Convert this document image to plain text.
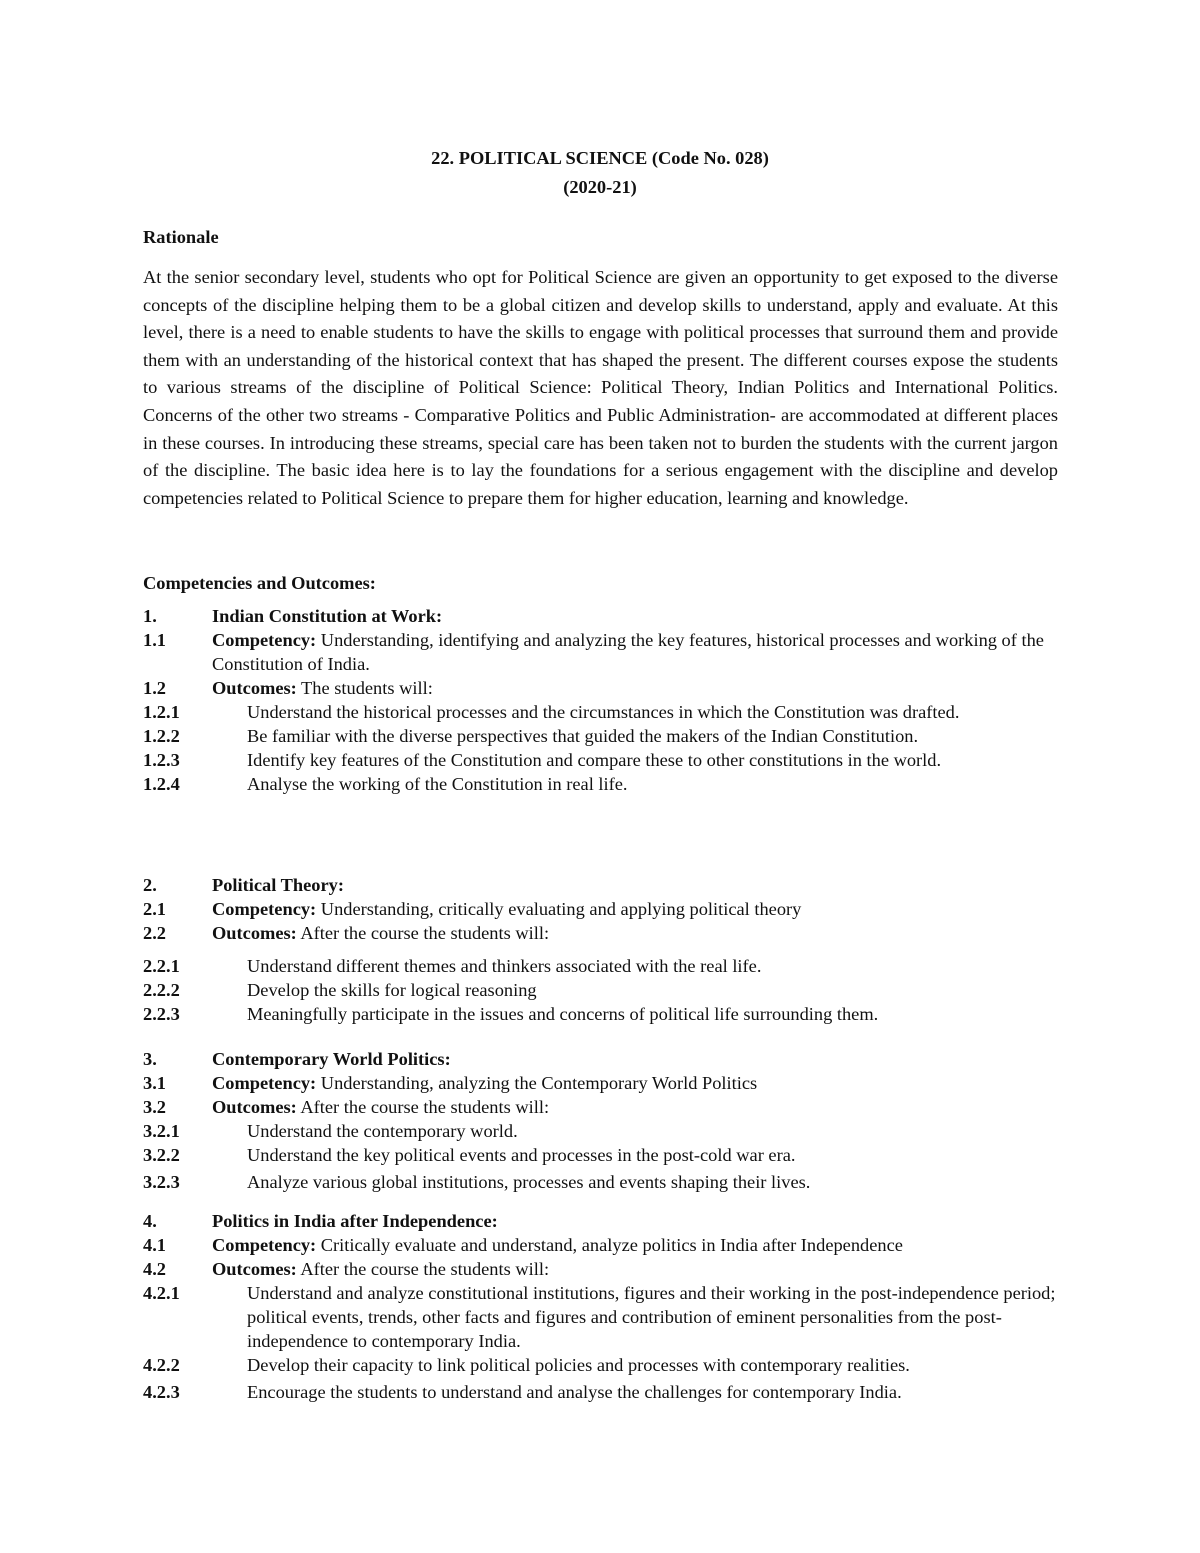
22. POLITICAL SCIENCE (Code No. 028)
(2020-21)
Rationale

At the senior secondary level, students who opt for Political Science are given an opportunity to get exposed to the diverse concepts of the discipline helping them to be a global citizen and develop skills to understand, apply and evaluate. At this level, there is a need to enable students to have the skills to engage with political processes that surround them and provide them with an understanding of the historical context that has shaped the present. The different courses expose the students to various streams of the discipline of Political Science: Political Theory, Indian Politics and International Politics. Concerns of the other two streams - Comparative Politics and Public Administration- are accommodated at different places in these courses. In introducing these streams, special care has been taken not to burden the students with the current jargon of the discipline. The basic idea here is to lay the foundations for a serious engagement with the discipline and develop competencies related to Political Science to prepare them for higher education, learning and knowledge.

Competencies and Outcomes:
1.	Indian Constitution at Work:
1.1	Competency: Understanding, identifying and analyzing the key features, historical processes and working of the Constitution of India.
1.2	Outcomes: The students will:
1.2.1	Understand the historical processes and the circumstances in which the Constitution was drafted.
1.2.2	Be familiar with the diverse perspectives that guided the makers of the Indian Constitution.
1.2.3	Identify key features of the Constitution and compare these to other constitutions in the world.
1.2.4	Analyse the working of the Constitution in real life.
2.	Political Theory:
2.1	Competency: Understanding, critically evaluating and applying political theory
2.2	Outcomes: After the course the students will:
2.2.1	Understand different themes and thinkers associated with the real life.
2.2.2	Develop the skills for logical reasoning
2.2.3	Meaningfully participate in the issues and concerns of political life surrounding them.
3.	Contemporary World Politics:
3.1	Competency: Understanding, analyzing the Contemporary World Politics
3.2	Outcomes: After the course the students will:
3.2.1	Understand the contemporary world.
3.2.2	Understand the key political events and processes in the post-cold war era.
3.2.3	Analyze various global institutions, processes and events shaping their lives.
4.	Politics in India after Independence:
4.1	Competency: Critically evaluate and understand, analyze politics in India after Independence
4.2	Outcomes: After the course the students will:
4.2.1	Understand and analyze constitutional institutions, figures and their working in the post-independence period; political events, trends, other facts and figures and contribution of eminent personalities from the post-independence to contemporary India.
4.2.2	Develop their capacity to link political policies and processes with contemporary realities.
4.2.3	Encourage the students to understand and analyse the challenges for contemporary India.
